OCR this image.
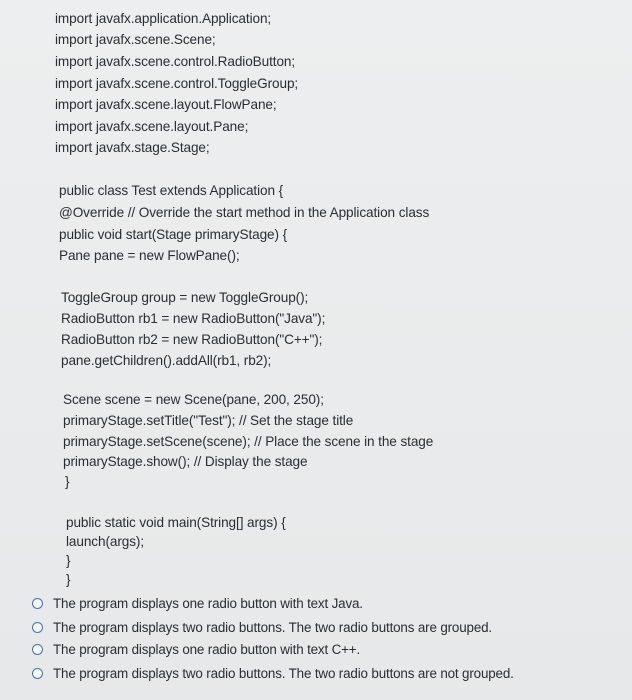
import javafx.application.Application;
import javafx.scene.Scene;
import javafx.scene.control.RadioButton;
import javafx.scene.control.ToggleGroup;
import javafx.scene.layout.FlowPane;
import javafx.scene.layout.Pane;
import javafx.stage.Stage;
public class Test extends Application {
@Override // Override the start method in the Application class
public void start(Stage primaryStage) {
Pane pane = new FlowPane();
ToggleGroup group = new ToggleGroup();
RadioButton rb1 = new RadioButton("Java");
RadioButton rb2 = new RadioButton("C++");
pane.getChildren().addAll(rb1, rb2);
Scene scene = new Scene(pane, 200, 250);
primaryStage.setTitle("Test"); // Set the stage title
primaryStage.setScene(scene); // Place the scene in the stage
primaryStage.show(); // Display the stage
}
public static void main(String[] args) {
launch(args);
}
}
The program displays one radio button with text Java.
The program displays two radio buttons. The two radio buttons are grouped.
The program displays one radio button with text C++.
The program displays two radio buttons. The two radio buttons are not grouped.
